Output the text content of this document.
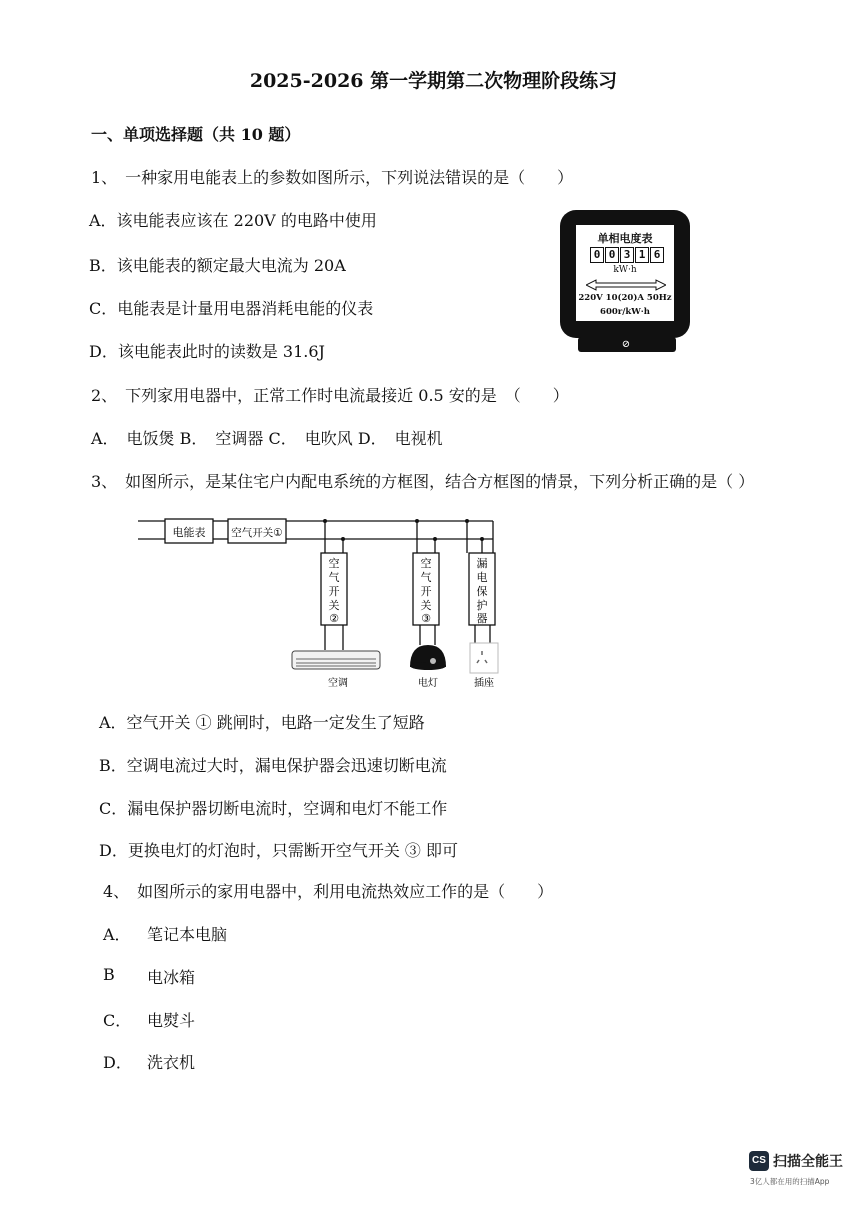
2025-2026 第一学期第二次物理阶段练习
一、单项选择题（共 10 题）
1、　一种家用电能表上的参数如图所示，下列说法错误的是（　　）
A．该电能表应该在 220V 的电路中使用
B．该电能表的额定最大电流为 20A
C．电能表是计量用电器消耗电能的仪表
D．该电能表此时的读数是 31.6J
单相电度表
0 0 3 1 6
kW·h
220V 10(20)A 50Hz
600r/kW·h
⊘
2、　下列家用电器中，正常工作时电流最接近 0.5 安的是　（　　）
A．　电饭煲 B．　空调器 C．　电吹风 D．　电视机
3、　如图所示，是某住宅户内配电系统的方框图，结合方框图的情景，下列分析正确的是（ ）
电能表 空气开关①
空
气
开
关
②
空
气
开
关
③
漏
电
保
护
器
空调	电灯	插座
A．空气开关 ① 跳闸时，电路一定发生了短路
B．空调电流过大时，漏电保护器会迅速切断电流
C．漏电保护器切断电流时，空调和电灯不能工作
D．更换电灯的灯泡时，只需断开空气开关 ③ 即可
4、　如图所示的家用电器中，利用电流热效应工作的是（　　）
A． 笔记本电脑
B 电冰箱
C． 电熨斗
D． 洗衣机
CS 扫描全能王
3亿人都在用的扫描App
